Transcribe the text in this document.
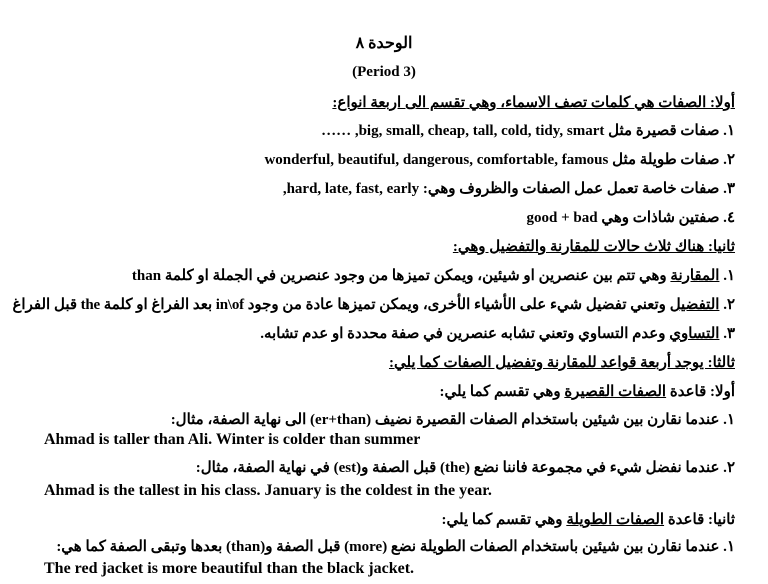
الوحدة ٨
(Period 3)
أولا: الصفات هي كلمات تصف الاسماء، وهي تقسم الى اربعة انواع:
١. صفات قصيرة مثل big, small, cheap, tall, cold, tidy, smart, ……
٢. صفات طويلة مثل wonderful, beautiful, dangerous, comfortable, famous
٣. صفات خاصة تعمل عمل الصفات والظروف وهي: hard, late, fast, early,
٤. صفتين شاذات وهي good + bad
ثانيا: هناك ثلاث حالات للمقارنة والتفضيل وهي:
١. المقارنة وهي تتم بين عنصرين او شيئين، ويمكن تميزها من وجود عنصرين في الجملة او كلمة than
٢. التفضيل وتعني تفضيل شيء على الأشياء الأخرى، ويمكن تميزها عادة من وجود in\of بعد الفراغ او كلمة the قبل الفراغ
٣. التساوي وعدم التساوي وتعني تشابه عنصرين في صفة محددة او عدم تشابه.
ثالثا: يوجد أربعة قواعد للمقارنة وتفضيل الصفات كما يلي:
أولا: قاعدة الصفات القصيرة وهي تقسم كما يلي:
١. عندما نقارن بين شيئين باستخدام الصفات القصيرة نضيف (er+than) الى نهاية الصفة، مثال:
Ahmad is taller than Ali. Winter is colder than summer
٢. عندما نفضل شيء في مجموعة فاننا نضع (the) قبل الصفة و(est) في نهاية الصفة، مثال:
Ahmad is the tallest in his class. January is the coldest in the year.
ثانيا: قاعدة الصفات الطويلة وهي تقسم كما يلي:
١. عندما نقارن بين شيئين باستخدام الصفات الطويلة نضع (more) قبل الصفة و(than) بعدها وتبقى الصفة كما هي:
The red jacket is more beautiful than the black jacket.
